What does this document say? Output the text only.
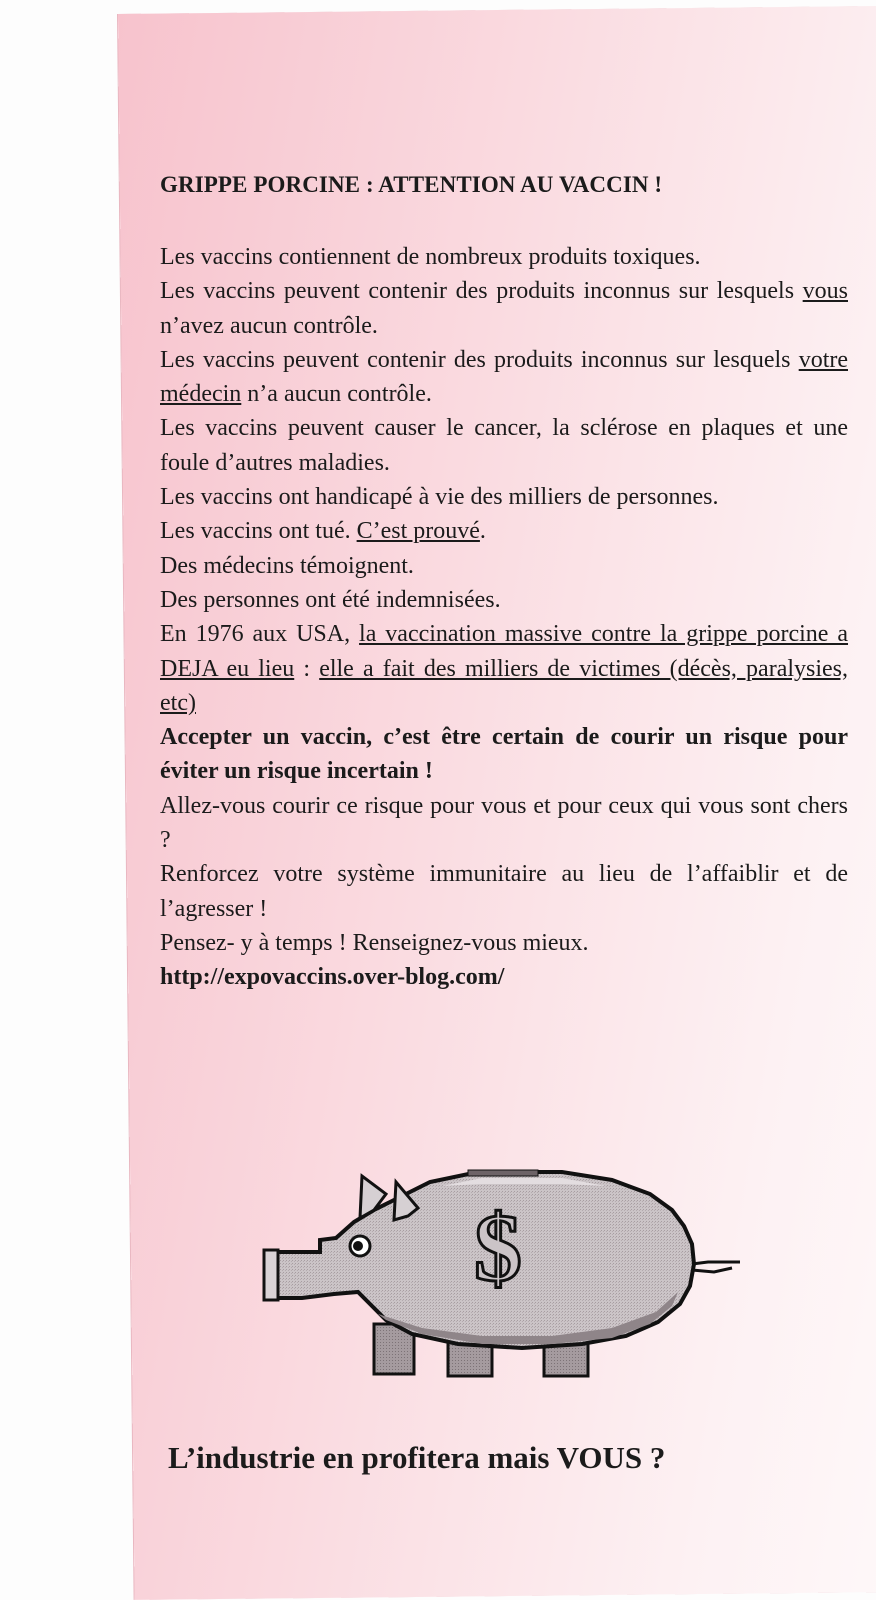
GRIPPE PORCINE : ATTENTION AU VACCIN !

Les vaccins contiennent de nombreux produits toxiques.

Les vaccins peuvent contenir des produits inconnus sur lesquels vous n’avez aucun contrôle.

Les vaccins peuvent contenir des produits inconnus sur lesquels votre médecin n’a aucun contrôle.

Les vaccins peuvent causer le cancer, la sclérose en plaques et une foule d’autres maladies.

Les vaccins ont handicapé à vie des milliers de personnes.

Les vaccins ont tué. C’est prouvé.

Des médecins témoignent.

Des personnes ont été indemnisées.

En 1976 aux USA, la vaccination massive contre la grippe porcine a DEJA eu lieu : elle a fait des milliers de victimes (décès, paralysies, etc)

Accepter un vaccin, c’est être certain de courir un risque pour éviter un risque incertain !

Allez-vous courir ce risque pour vous et pour ceux qui vous sont chers ?

Renforcez votre système immunitaire au lieu de l’affaiblir et de l’agresser !

Pensez- y à temps ! Renseignez-vous mieux.

http://expovaccins.over-blog.com/

$
L’industrie en profitera mais VOUS ?
